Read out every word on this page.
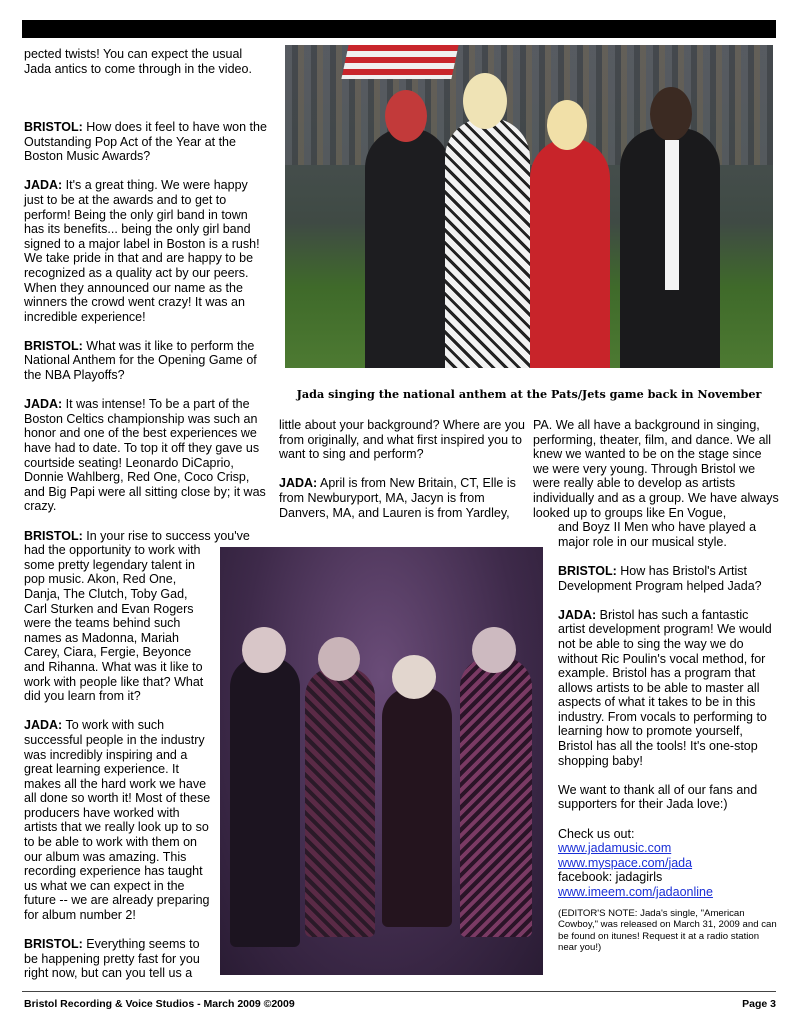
pected twists! You can expect the usual Jada antics to come through in the video.

BRISTOL: How does it feel to have won the Outstanding Pop Act of the Year at the Boston Music Awards?

JADA: It's a great thing. We were happy just to be at the awards and to get to perform! Being the only girl band in town has its benefits... being the only girl band signed to a major label in Boston is a rush! We take pride in that and are happy to be recognized as a quality act by our peers. When they announced our name as the winners the crowd went crazy! It was an incredible experience!

BRISTOL: What was it like to perform the National Anthem for the Opening Game of the NBA Playoffs?

JADA: It was intense! To be a part of the Boston Celtics championship was such an honor and one of the best experiences we have had to date. To top it off they gave us courtside seating! Leonardo DiCaprio, Donnie Wahlberg, Red One, Coco Crisp, and Big Papi were all sitting close by; it was crazy.

BRISTOL: In your rise to success you've had the opportunity to work with

some pretty legendary talent in pop music. Akon, Red One, Danja, The Clutch, Toby Gad, Carl Sturken and Evan Rogers were the teams behind such names as Madonna, Mariah Carey, Ciara, Fergie, Beyonce and Rihanna. What was it like to work with people like that? What did you learn from it?

JADA: To work with such successful people in the industry was incredibly inspiring and a great learning experience. It makes all the hard work we have all done so worth it! Most of these producers have worked with artists that we really look up to so to be able to work with them on our album was amazing. This recording experience has taught us what we can expect in the future -- we are already preparing for album number 2!

BRISTOL: Everything seems to be happening pretty fast for you right now, but can you tell us a

Jada singing the national anthem at the Pats/Jets game back in November

little about your background? Where are you from originally, and what first inspired you to want to sing and perform?

JADA: April is from New Britain, CT, Elle is from Newburyport, MA, Jacyn is from Danvers, MA, and Lauren is from Yardley,

PA. We all have a background in singing, performing, theater, film, and dance. We all knew we wanted to be on the stage since we were very young. Through Bristol we were really able to develop as artists individually and as a group. We have always looked up to groups like En Vogue,

and Boyz II Men who have played a major role in our musical style.

BRISTOL: How has Bristol's Artist Development Program helped Jada?

JADA: Bristol has such a fantastic artist development program! We would not be able to sing the way we do without Ric Poulin's vocal method, for example. Bristol has a program that allows artists to be able to master all aspects of what it takes to be in this industry. From vocals to performing to learning how to promote yourself, Bristol has all the tools! It's one-stop shopping baby!

We want to thank all of our fans and supporters for their Jada love:)

Check us out:
www.jadamusic.com
www.myspace.com/jada
facebook: jadagirls
www.imeem.com/jadaonline

(EDITOR'S NOTE: Jada's single, "American Cowboy," was released on March 31, 2009 and can be found on itunes! Request it at a radio station near you!)

Bristol Recording & Voice Studios - March 2009 ©2009	Page 3
